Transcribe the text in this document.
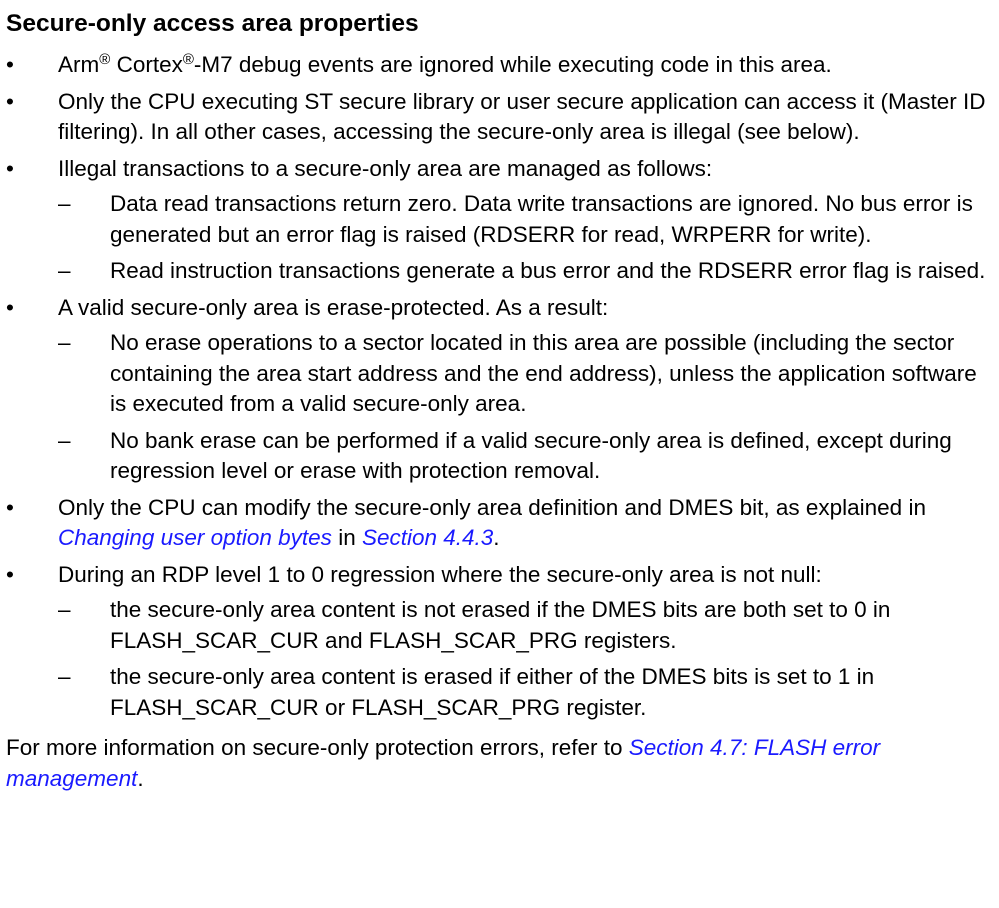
Secure-only access area properties
•	Arm® Cortex®-M7 debug events are ignored while executing code in this area.
•	Only the CPU executing ST secure library or user secure application can access it (Master ID filtering). In all other cases, accessing the secure-only area is illegal (see below).
•	Illegal transactions to a secure-only area are managed as follows:
–	Data read transactions return zero. Data write transactions are ignored. No bus error is generated but an error flag is raised (RDSERR for read, WRPERR for write).
–	Read instruction transactions generate a bus error and the RDSERR error flag is raised.
•	A valid secure-only area is erase-protected. As a result:
–	No erase operations to a sector located in this area are possible (including the sector containing the area start address and the end address), unless the application software is executed from a valid secure-only area.
–	No bank erase can be performed if a valid secure-only area is defined, except during regression level or erase with protection removal.
•	Only the CPU can modify the secure-only area definition and DMES bit, as explained in Changing user option bytes in Section 4.4.3.
•	During an RDP level 1 to 0 regression where the secure-only area is not null:
–	the secure-only area content is not erased if the DMES bits are both set to 0 in FLASH_SCAR_CUR and FLASH_SCAR_PRG registers.
–	the secure-only area content is erased if either of the DMES bits is set to 1 in FLASH_SCAR_CUR or FLASH_SCAR_PRG register.

For more information on secure-only protection errors, refer to Section 4.7: FLASH error management.
